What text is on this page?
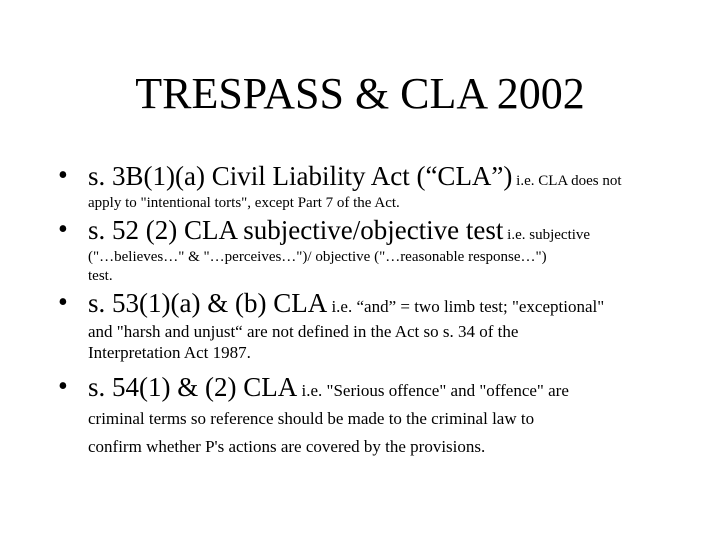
TRESPASS & CLA 2002
• s. 3B(1)(a) Civil Liability Act (“CLA”) i.e. CLA does not
apply to "intentional torts", except Part 7 of the Act.
• s. 52 (2) CLA subjective/objective test i.e. subjective
("…believes…" & "…perceives…")/ objective ("…reasonable response…")
test.
• s. 53(1)(a) & (b) CLA i.e. “and” = two limb test; "exceptional"
and "harsh and unjust“ are not defined in the Act so s. 34 of the
Interpretation Act 1987.
• s. 54(1) & (2) CLA i.e. "Serious offence" and "offence" are
criminal terms so reference should be made to the criminal law to
confirm whether P's actions are covered by the provisions.
